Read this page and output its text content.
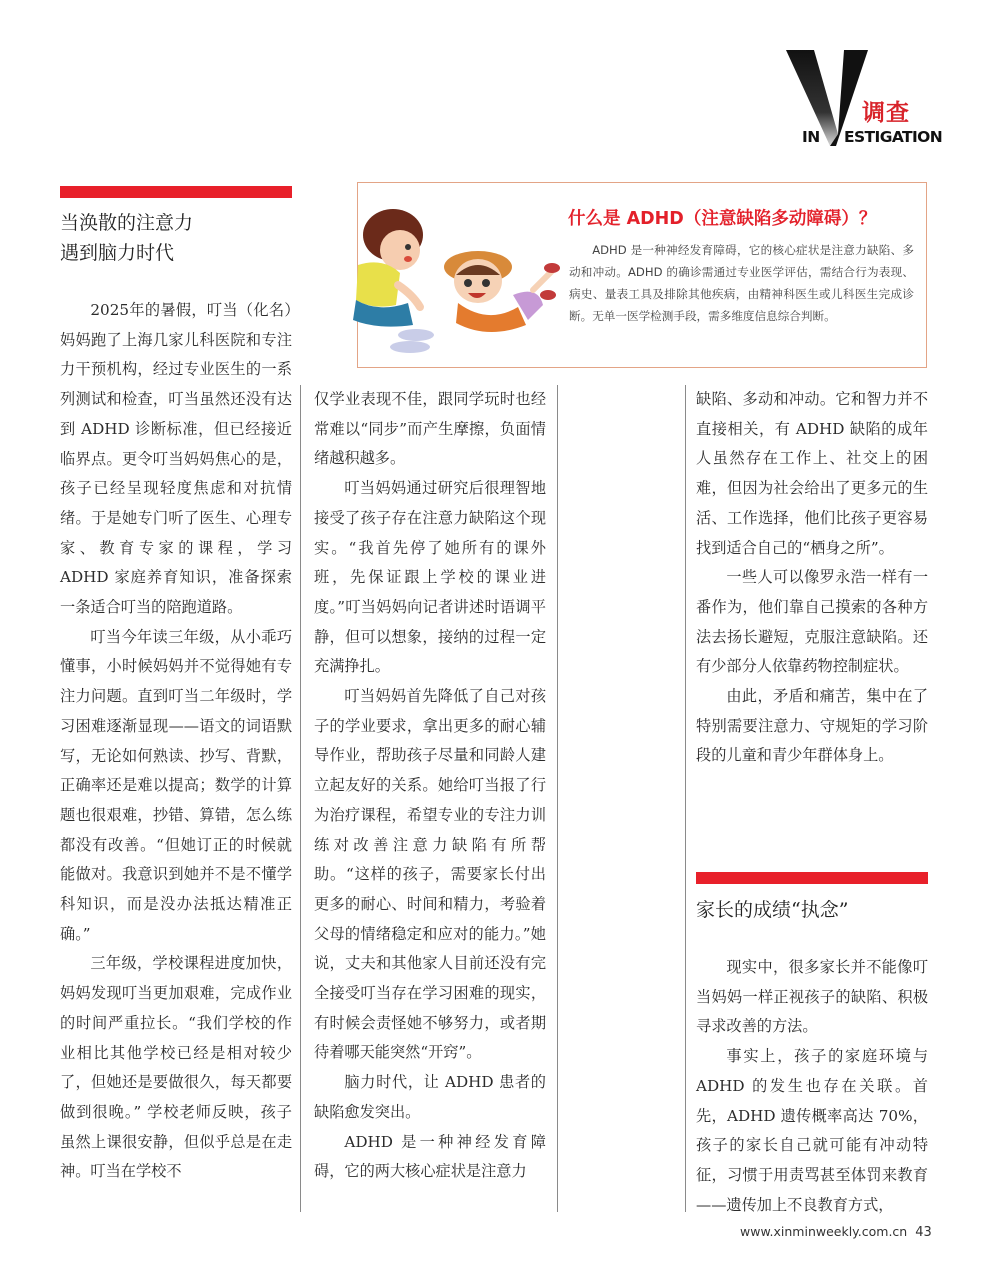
调查
IN ESTIGATION
当涣散的注意力
遇到脑力时代
什么是 ADHD（注意缺陷多动障碍）？
ADHD 是一种神经发育障碍，它的核心症状是注意力缺陷、多动和冲动。ADHD 的确诊需通过专业医学评估，需结合行为表现、病史、量表工具及排除其他疾病，由精神科医生或儿科医生完成诊断。无单一医学检测手段，需多维度信息综合判断。

2025年的暑假，叮当（化名）妈妈跑了上海几家儿科医院和专注力干预机构，经过专业医生的一系列测试和检查，叮当虽然还没有达到 ADHD 诊断标准，但已经接近临界点。更令叮当妈妈焦心的是，孩子已经呈现轻度焦虑和对抗情绪。于是她专门听了医生、心理专家、教育专家的课程，学习 ADHD 家庭养育知识，准备探索一条适合叮当的陪跑道路。

叮当今年读三年级，从小乖巧懂事，小时候妈妈并不觉得她有专注力问题。直到叮当二年级时，学习困难逐渐显现——语文的词语默写，无论如何熟读、抄写、背默，正确率还是难以提高；数学的计算题也很艰难，抄错、算错，怎么练都没有改善。“但她订正的时候就能做对。我意识到她并不是不懂学科知识，而是没办法抵达精准正确。”

三年级，学校课程进度加快，妈妈发现叮当更加艰难，完成作业的时间严重拉长。“我们学校的作业相比其他学校已经是相对较少了，但她还是要做很久，每天都要做到很晚。” 学校老师反映，孩子虽然上课很安静，但似乎总是在走神。叮当在学校不

仅学业表现不佳，跟同学玩时也经常难以“同步”而产生摩擦，负面情绪越积越多。

叮当妈妈通过研究后很理智地接受了孩子存在注意力缺陷这个现实。“我首先停了她所有的课外班，先保证跟上学校的课业进度。”叮当妈妈向记者讲述时语调平静，但可以想象，接纳的过程一定充满挣扎。

叮当妈妈首先降低了自己对孩子的学业要求，拿出更多的耐心辅导作业，帮助孩子尽量和同龄人建立起友好的关系。她给叮当报了行为治疗课程，希望专业的专注力训练对改善注意力缺陷有所帮助。“这样的孩子，需要家长付出更多的耐心、时间和精力，考验着父母的情绪稳定和应对的能力。”她说，丈夫和其他家人目前还没有完全接受叮当存在学习困难的现实，有时候会责怪她不够努力，或者期待着哪天能突然“开窍”。

脑力时代，让 ADHD 患者的缺陷愈发突出。

ADHD 是一种神经发育障碍，它的两大核心症状是注意力

缺陷、多动和冲动。它和智力并不直接相关，有 ADHD 缺陷的成年人虽然存在工作上、社交上的困难，但因为社会给出了更多元的生活、工作选择，他们比孩子更容易找到适合自己的“栖身之所”。

一些人可以像罗永浩一样有一番作为，他们靠自己摸索的各种方法去扬长避短，克服注意缺陷。还有少部分人依靠药物控制症状。

由此，矛盾和痛苦，集中在了特别需要注意力、守规矩的学习阶段的儿童和青少年群体身上。

家长的成绩“执念”

现实中，很多家长并不能像叮当妈妈一样正视孩子的缺陷、积极寻求改善的方法。

事实上，孩子的家庭环境与 ADHD 的发生也存在关联。首先，ADHD 遗传概率高达 70%，孩子的家长自己就可能有冲动特征，习惯于用责骂甚至体罚来教育——遗传加上不良教育方式，

www.xinminweekly.com.cn 43
